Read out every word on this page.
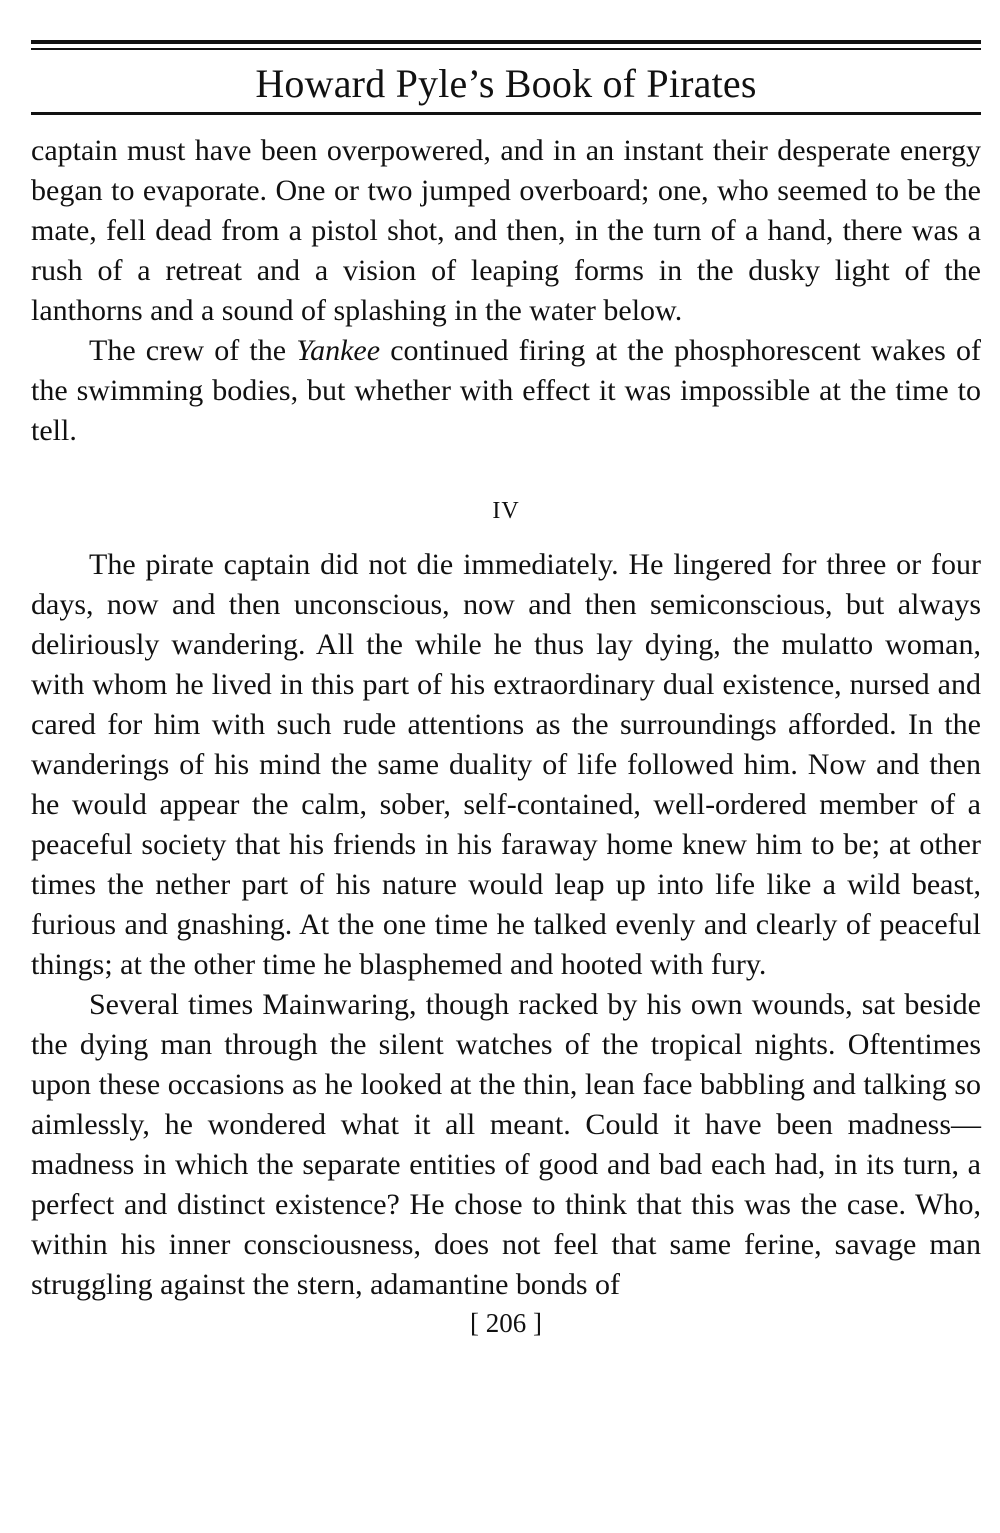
Howard Pyle’s Book of Pirates

captain must have been overpowered, and in an instant their desperate energy began to evaporate. One or two jumped overboard; one, who seemed to be the mate, fell dead from a pistol shot, and then, in the turn of a hand, there was a rush of a retreat and a vision of leaping forms in the dusky light of the lanthorns and a sound of splashing in the water below.

The crew of the Yankee continued firing at the phosphorescent wakes of the swimming bodies, but whether with effect it was impossible at the time to tell.

IV

The pirate captain did not die immediately. He lingered for three or four days, now and then unconscious, now and then semiconscious, but always deliriously wandering. All the while he thus lay dying, the mulatto woman, with whom he lived in this part of his extraordinary dual existence, nursed and cared for him with such rude attentions as the surroundings afforded. In the wanderings of his mind the same duality of life followed him. Now and then he would appear the calm, sober, self-contained, well-ordered member of a peaceful society that his friends in his faraway home knew him to be; at other times the nether part of his nature would leap up into life like a wild beast, furious and gnashing. At the one time he talked evenly and clearly of peaceful things; at the other time he blasphemed and hooted with fury.

Several times Mainwaring, though racked by his own wounds, sat beside the dying man through the silent watches of the tropical nights. Oftentimes upon these occasions as he looked at the thin, lean face babbling and talking so aimlessly, he wondered what it all meant. Could it have been madness—madness in which the separate entities of good and bad each had, in its turn, a perfect and distinct existence? He chose to think that this was the case. Who, within his inner consciousness, does not feel that same ferine, savage man struggling against the stern, adamantine bonds of

[ 206 ]
